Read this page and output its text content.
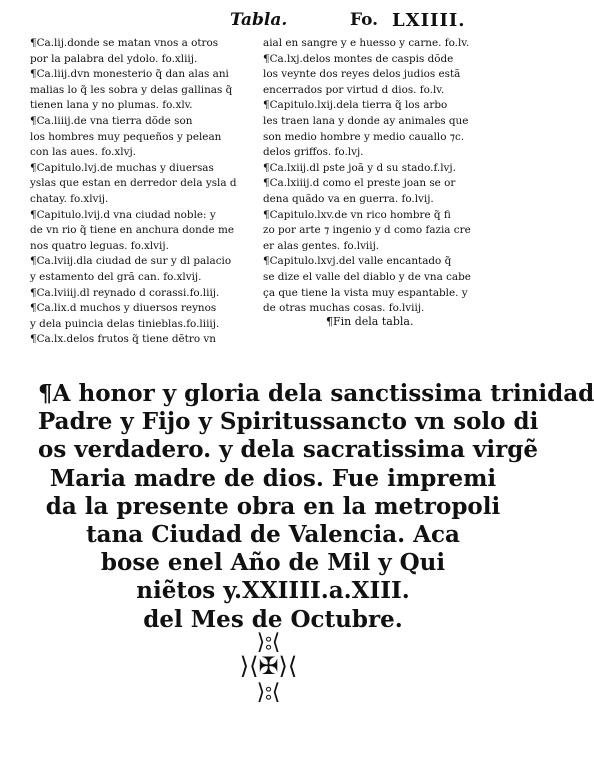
Tabla.	Fo. LXIIII.
¶Ca.lij.donde se matan vnos a otros
por la palabra del ydolo. fo.xliij.
¶Ca.liij.dvn monesterio q̃ dan alas ani
malias lo q̃ les sobra y delas gallinas q̃
tienen lana y no plumas. fo.xlv.
¶Ca.liiij.de vna tierra dõde son
los hombres muy pequeños y pelean
con las aues. fo.xlvj.
¶Capitulo.lvj.de muchas y diuersas
yslas que estan en derredor dela ysla d
chatay. fo.xlvij.
¶Capitulo.lvij.d vna ciudad noble: y
de vn rio q̃ tiene en anchura donde me
nos quatro leguas. fo.xlvij.
¶Ca.lviij.dla ciudad de sur y dl palacio
y estamento del grã can. fo.xlvij.
¶Ca.lviiij.dl reynado d corassi.fo.liij.
¶Ca.lix.d muchos y diuersos reynos
y dela puincia delas tinieblas.fo.liiij.
¶Ca.lx.delos frutos q̃ tiene dẽtro vn
aial en sangre y e huesso y carne. fo.lv.
¶Ca.lxj.delos montes de caspis dõde
los veynte dos reyes delos judios estã
encerrados por virtud d dios. fo.lv.
¶Capitulo.lxij.dela tierra q̃ los arbo
les traen lana y donde ay animales que
son medio hombre y medio cauallo ⁊c.
delos griffos. fo.lvj.
¶Ca.lxiij.dl pste joã y d su stado.f.lvj.
¶Ca.lxiiij.d como el preste joan se or
dena quãdo va en guerra. fo.lvij.
¶Capitulo.lxv.de vn rico hombre q̃ fi
zo por arte ⁊ ingenio y d como fazia cre
er alas gentes. fo.lviij.
¶Capitulo.lxvj.del valle encantado q̃
se dize el valle del diablo y de vna cabe
ça que tiene la vista muy espantable. y
de otras muchas cosas. fo.lviij.
¶Fin dela tabla.
¶A honor y gloria dela sanctissima trinidad
Padre y Fijo y Spiritussancto vn solo di
os verdadero. y dela sacratissima virgẽ
Maria madre de dios. Fue impremi
da la presente obra en la metropoli
tana Ciudad de Valencia. Aca
bose enel Año de Mil y Qui
niẽtos y.XXIIII.a.XIII.
del Mes de Octubre.
⟩⦂⟨
⟩⟨✠⟩⟨
⟩⦂⟨
